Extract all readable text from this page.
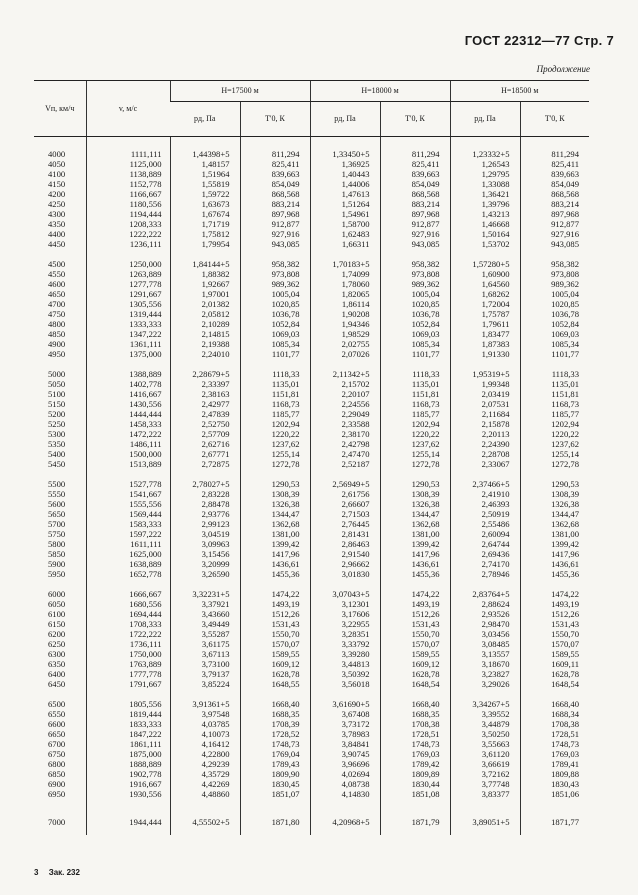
ГОСТ 22312—77 Стр. 7
Продолжение
Vп, км/ч	v, м/с	H=17500 м		H=18000 м		H=18500 м	
		pд, Па	T'0, К	pд, Па	T'0, К	pд, Па	T'0, К
4000	1111,111	1,44398+5	811,294	1,33450+5	811,294	1,23332+5	811,294
4050	1125,000	1,48157	825,411	1,36925	825,411	1,26543	825,411
4100	1138,889	1,51964	839,663	1,40443	839,663	1,29795	839,663
4150	1152,778	1,55819	854,049	1,44006	854,049	1,33088	854,049
4200	1166,667	1,59722	868,568	1,47613	868,568	1,36421	868,568
4250	1180,556	1,63673	883,214	1,51264	883,214	1,39796	883,214
4300	1194,444	1,67674	897,968	1,54961	897,968	1,43213	897,968
4350	1208,333	1,71719	912,877	1,58700	912,877	1,46668	912,877
4400	1222,222	1,75812	927,916	1,62483	927,916	1,50164	927,916
4450	1236,111	1,79954	943,085	1,66311	943,085	1,53702	943,085

4500	1250,000	1,84144+5	958,382	1,70183+5	958,382	1,57280+5	958,382
4550	1263,889	1,88382	973,808	1,74099	973,808	1,60900	973,808
4600	1277,778	1,92667	989,362	1,78060	989,362	1,64560	989,362
4650	1291,667	1,97001	1005,04	1,82065	1005,04	1,68262	1005,04
4700	1305,556	2,01382	1020,85	1,86114	1020,85	1,72004	1020,85
4750	1319,444	2,05812	1036,78	1,90208	1036,78	1,75787	1036,78
4800	1333,333	2,10289	1052,84	1,94346	1052,84	1,79611	1052,84
4850	1347,222	2,14815	1069,03	1,98529	1069,03	1,83477	1069,03
4900	1361,111	2,19388	1085,34	2,02755	1085,34	1,87383	1085,34
4950	1375,000	2,24010	1101,77	2,07026	1101,77	1,91330	1101,77

5000	1388,889	2,28679+5	1118,33	2,11342+5	1118,33	1,95319+5	1118,33
5050	1402,778	2,33397	1135,01	2,15702	1135,01	1,99348	1135,01
5100	1416,667	2,38163	1151,81	2,20107	1151,81	2,03419	1151,81
5150	1430,556	2,42977	1168,73	2,24556	1168,73	2,07531	1168,73
5200	1444,444	2,47839	1185,77	2,29049	1185,77	2,11684	1185,77
5250	1458,333	2,52750	1202,94	2,33588	1202,94	2,15878	1202,94
5300	1472,222	2,57709	1220,22	2,38170	1220,22	2,20113	1220,22
5350	1486,111	2,62716	1237,62	2,42798	1237,62	2,24390	1237,62
5400	1500,000	2,67771	1255,14	2,47470	1255,14	2,28708	1255,14
5450	1513,889	2,72875	1272,78	2,52187	1272,78	2,33067	1272,78

5500	1527,778	2,78027+5	1290,53	2,56949+5	1290,53	2,37466+5	1290,53
5550	1541,667	2,83228	1308,39	2,61756	1308,39	2,41910	1308,39
5600	1555,556	2,88478	1326,38	2,66607	1326,38	2,46393	1326,38
5650	1569,444	2,93776	1344,47	2,71503	1344,47	2,50919	1344,47
5700	1583,333	2,99123	1362,68	2,76445	1362,68	2,55486	1362,68
5750	1597,222	3,04519	1381,00	2,81431	1381,00	2,60094	1381,00
5800	1611,111	3,09963	1399,42	2,86463	1399,42	2,64744	1399,42
5850	1625,000	3,15456	1417,96	2,91540	1417,96	2,69436	1417,96
5900	1638,889	3,20999	1436,61	2,96662	1436,61	2,74170	1436,61
5950	1652,778	3,26590	1455,36	3,01830	1455,36	2,78946	1455,36

6000	1666,667	3,32231+5	1474,22	3,07043+5	1474,22	2,83764+5	1474,22
6050	1680,556	3,37921	1493,19	3,12301	1493,19	2,88624	1493,19
6100	1694,444	3,43660	1512,26	3,17606	1512,26	2,93526	1512,26
6150	1708,333	3,49449	1531,43	3,22955	1531,43	2,98470	1531,43
6200	1722,222	3,55287	1550,70	3,28351	1550,70	3,03456	1550,70
6250	1736,111	3,61175	1570,07	3,33792	1570,07	3,08485	1570,07
6300	1750,000	3,67113	1589,55	3,39280	1589,55	3,13557	1589,55
6350	1763,889	3,73100	1609,12	3,44813	1609,12	3,18670	1609,11
6400	1777,778	3,79137	1628,78	3,50392	1628,78	3,23827	1628,78
6450	1791,667	3,85224	1648,55	3,56018	1648,54	3,29026	1648,54

6500	1805,556	3,91361+5	1668,40	3,61690+5	1668,40	3,34267+5	1668,40
6550	1819,444	3,97548	1688,35	3,67408	1688,35	3,39552	1688,34
6600	1833,333	4,03785	1708,39	3,73172	1708,38	3,44879	1708,38
6650	1847,222	4,10073	1728,52	3,78983	1728,51	3,50250	1728,51
6700	1861,111	4,16412	1748,73	3,84841	1748,73	3,55663	1748,73
6750	1875,000	4,22800	1769,04	3,90745	1769,03	3,61120	1769,03
6800	1888,889	4,29239	1789,43	3,96696	1789,42	3,66619	1789,41
6850	1902,778	4,35729	1809,90	4,02694	1809,89	3,72162	1809,88
6900	1916,667	4,42269	1830,45	4,08738	1830,44	3,77748	1830,43
6950	1930,556	4,48860	1851,07	4,14830	1851,08	3,83377	1851,06

7000	1944,444	4,55502+5	1871,80	4,20968+5	1871,79	3,89051+5	1871,77
3 Зак. 232
